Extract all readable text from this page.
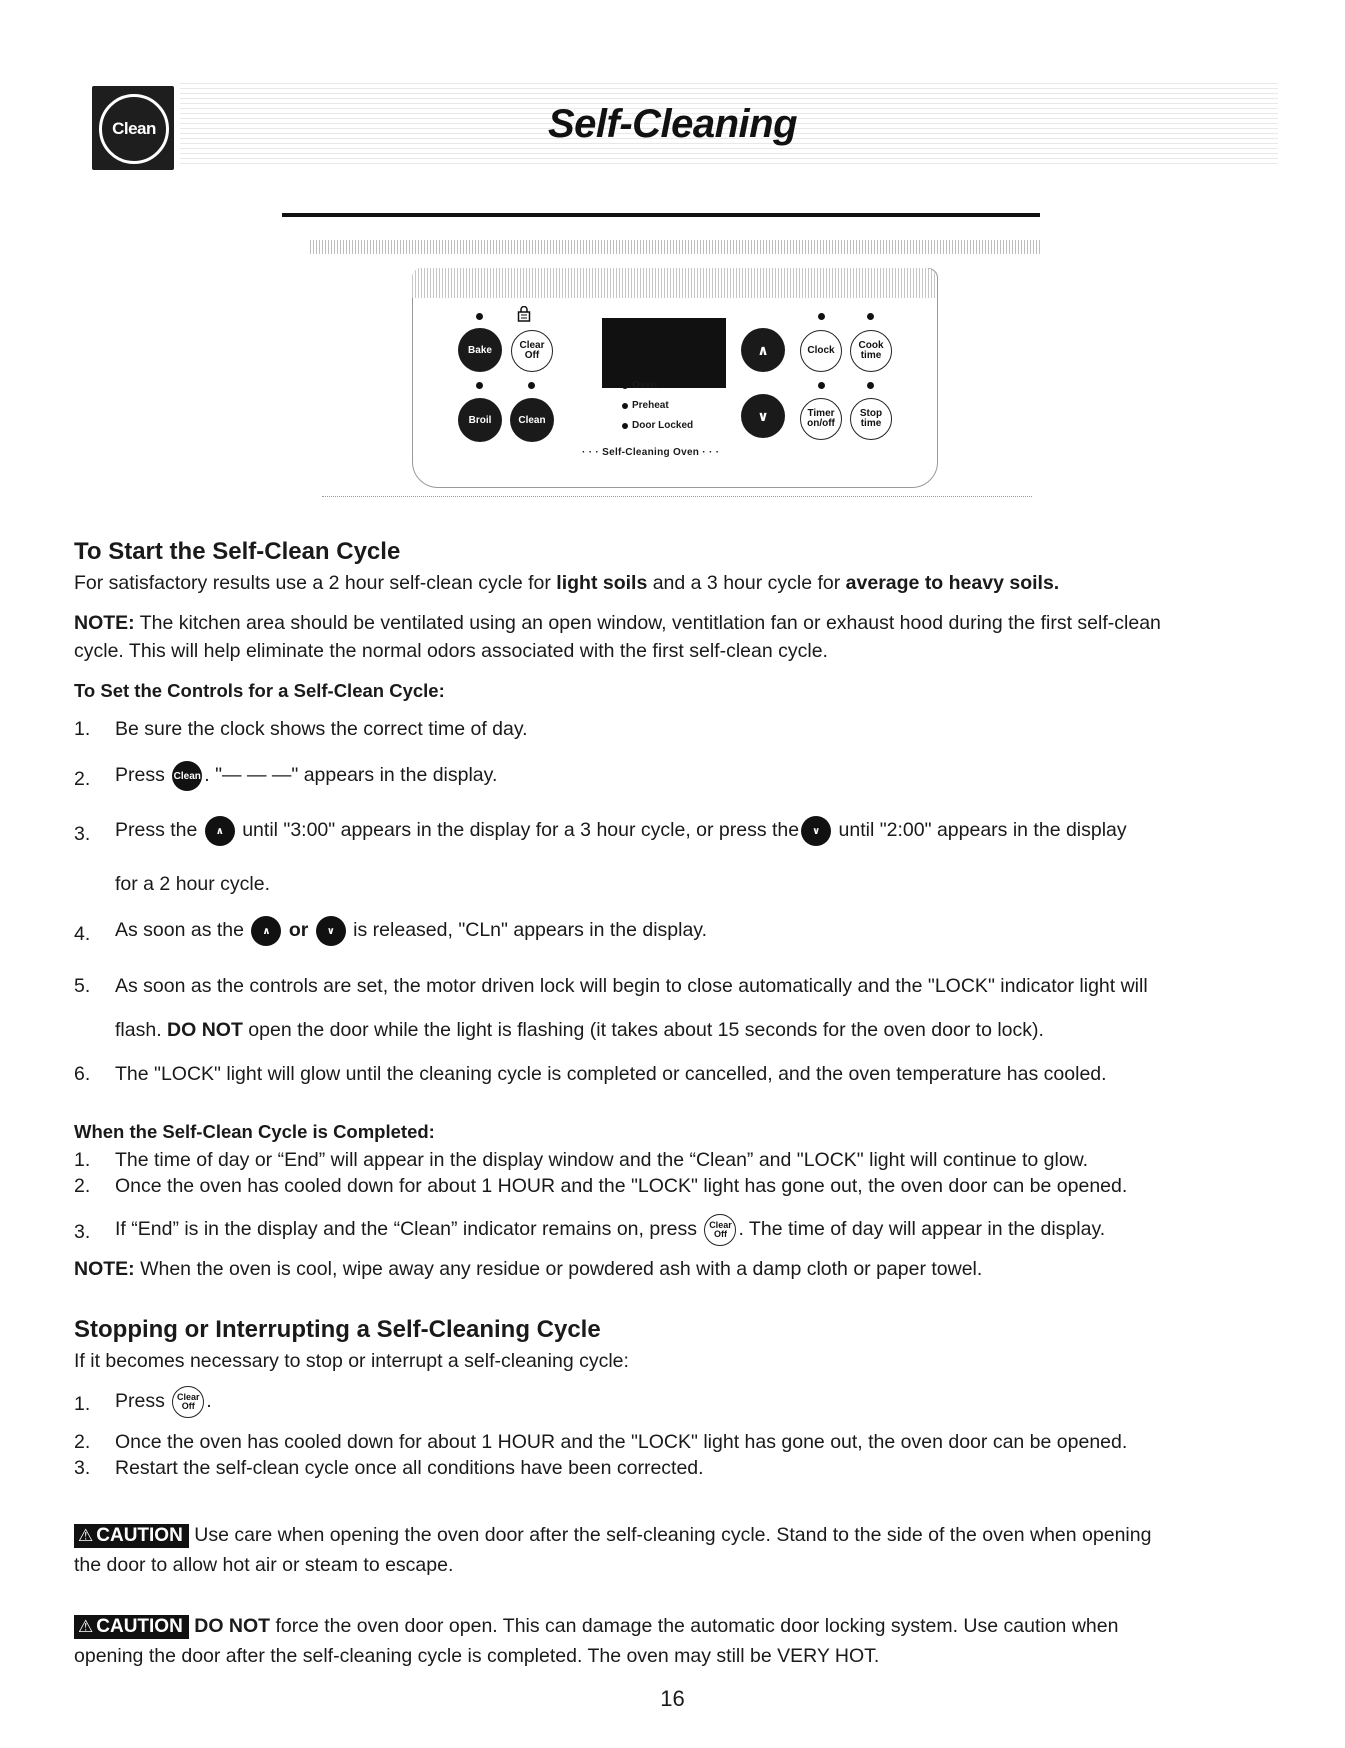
Clean	Self-Cleaning
Bake	Clear
Off
Broil	Clean
Oven
Preheat
Door Locked
· · · Self-Cleaning Oven · · ·
∧
∨
Clock	Cook
time
Timer
on/off
Stop
time
To Start the Self-Clean Cycle
For satisfactory results use a 2 hour self-clean cycle for light soils and a 3 hour cycle for average to heavy soils.
NOTE: The kitchen area should be ventilated using an open window, ventitlation fan or exhaust hood during the first self-clean
cycle. This will help eliminate the normal odors associated with the first self-clean cycle.
To Set the Controls for a Self-Clean Cycle:
1. Be sure the clock shows the correct time of day.
2. Press Clean . "— — —" appears in the display.
3. Press the ∧ until "3:00" appears in the display for a 3 hour cycle, or press the ∨ until "2:00" appears in the display
for a 2 hour cycle.
4. As soon as the ∧ or ∨ is released, "CLn" appears in the display.
5. As soon as the controls are set, the motor driven lock will begin to close automatically and the "LOCK" indicator light will
flash. DO NOT open the door while the light is flashing (it takes about 15 seconds for the oven door to lock).
6. The "LOCK" light will glow until the cleaning cycle is completed or cancelled, and the oven temperature has cooled.
When the Self-Clean Cycle is Completed:
1. The time of day or “End” will appear in the display window and the “Clean” and "LOCK" light will continue to glow.
2. Once the oven has cooled down for about 1 HOUR and the "LOCK" light has gone out, the oven door can be opened.
3. If “End” is in the display and the “Clean” indicator remains on, press Clear
Off . The time of day will appear in the display.
NOTE: When the oven is cool, wipe away any residue or powdered ash with a damp cloth or paper towel.
Stopping or Interrupting a Self-Cleaning Cycle
If it becomes necessary to stop or interrupt a self-cleaning cycle:
1. Press Clear
Off .
2. Once the oven has cooled down for about 1 HOUR and the "LOCK" light has gone out, the oven door can be opened.
3. Restart the self-clean cycle once all conditions have been corrected.
⚠ CAUTION Use care when opening the oven door after the self-cleaning cycle. Stand to the side of the oven when opening
the door to allow hot air or steam to escape.
⚠ CAUTION DO NOT force the oven door open. This can damage the automatic door locking system. Use caution when
opening the door after the self-cleaning cycle is completed. The oven may still be VERY HOT.
16
